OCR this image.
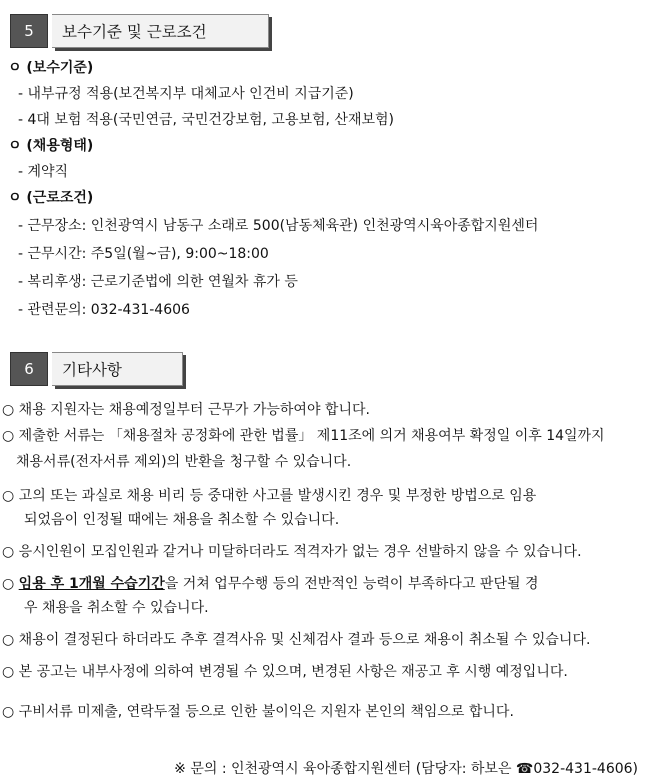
5	보수기준 및 근로조건
ㅇ (보수기준)
- 내부규정 적용(보건복지부 대체교사 인건비 지급기준)
- 4대 보험 적용(국민연금, 국민건강보험, 고용보험, 산재보험)
ㅇ (채용형태)
- 계약직
ㅇ (근로조건)
- 근무장소: 인천광역시 남동구 소래로 500(남동체육관) 인천광역시육아종합지원센터
- 근무시간: 주5일(월~금), 9:00~18:00
- 복리후생: 근로기준법에 의한 연월차 휴가 등
- 관련문의: 032-431-4606
6	기타사항
○ 채용 지원자는 채용예정일부터 근무가 가능하여야 합니다.
○ 제출한 서류는 「채용절차 공정화에 관한 법률」 제11조에 의거 채용여부 확정일 이후 14일까지
채용서류(전자서류 제외)의 반환을 청구할 수 있습니다.
○ 고의 또는 과실로 채용 비리 등 중대한 사고를 발생시킨 경우 및 부정한 방법으로 임용
되었음이 인정될 때에는 채용을 취소할 수 있습니다.
○ 응시인원이 모집인원과 같거나 미달하더라도 적격자가 없는 경우 선발하지 않을 수 있습니다.
○ 임용 후 1개월 수습기간을 거쳐 업무수행 등의 전반적인 능력이 부족하다고 판단될 경
우 채용을 취소할 수 있습니다.
○ 채용이 결정된다 하더라도 추후 결격사유 및 신체검사 결과 등으로 채용이 취소될 수 있습니다.
○ 본 공고는 내부사정에 의하여 변경될 수 있으며, 변경된 사항은 재공고 후 시행 예정입니다.
○ 구비서류 미제출, 연락두절 등으로 인한 불이익은 지원자 본인의 책임으로 합니다.
※ 문의 : 인천광역시 육아종합지원센터 (담당자: 하보은 ☎032-431-4606)
